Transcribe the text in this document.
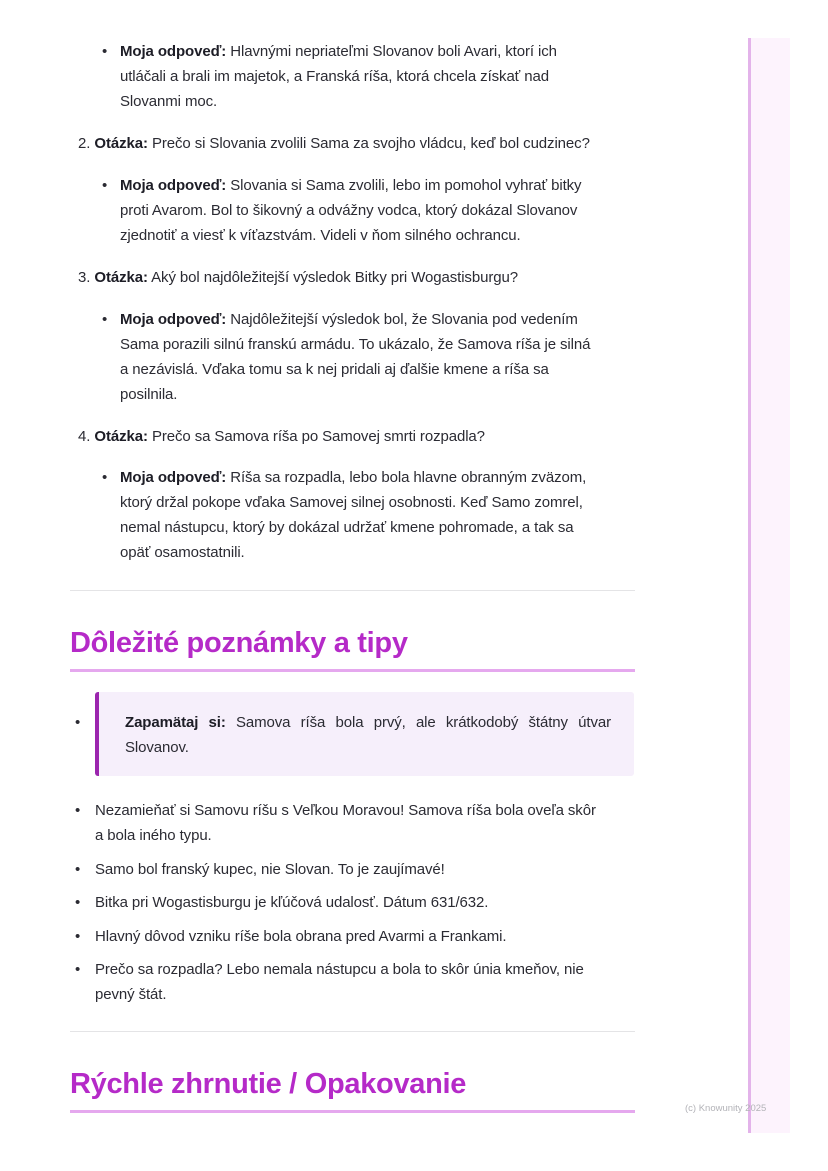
• Moja odpoveď: Hlavnými nepriateľmi Slovanov boli Avari, ktorí ich
utláčali a brali im majetok, a Franská ríša, ktorá chcela získať nad
Slovanmi moc.
2. Otázka: Prečo si Slovania zvolili Sama za svojho vládcu, keď bol cudzinec?
• Moja odpoveď: Slovania si Sama zvolili, lebo im pomohol vyhrať bitky
proti Avarom. Bol to šikovný a odvážny vodca, ktorý dokázal Slovanov
zjednotiť a viesť k víťazstvám. Videli v ňom silného ochrancu.
3. Otázka: Aký bol najdôležitejší výsledok Bitky pri Wogastisburgu?
• Moja odpoveď: Najdôležitejší výsledok bol, že Slovania pod vedením
Sama porazili silnú franskú armádu. To ukázalo, že Samova ríša je silná
a nezávislá. Vďaka tomu sa k nej pridali aj ďalšie kmene a ríša sa
posilnila.
4. Otázka: Prečo sa Samova ríša po Samovej smrti rozpadla?
• Moja odpoveď: Ríša sa rozpadla, lebo bola hlavne obranným zväzom,
ktorý držal pokope vďaka Samovej silnej osobnosti. Keď Samo zomrel,
nemal nástupcu, ktorý by dokázal udržať kmene pohromade, a tak sa
opäť osamostatnili.
Dôležité poznámky a tipy
•	Zapamätaj si: Samova ríša bola prvý, ale krátkodobý štátny útvar Slovanov.
• Nezamieňať si Samovu ríšu s Veľkou Moravou! Samova ríša bola oveľa skôr
a bola iného typu.
• Samo bol franský kupec, nie Slovan. To je zaujímavé!
• Bitka pri Wogastisburgu je kľúčová udalosť. Dátum 631/632.
• Hlavný dôvod vzniku ríše bola obrana pred Avarmi a Frankami.
• Prečo sa rozpadla? Lebo nemala nástupcu a bola to skôr únia kmeňov, nie
pevný štát.
Rýchle zhrnutie / Opakovanie
(c) Knowunity 2025
